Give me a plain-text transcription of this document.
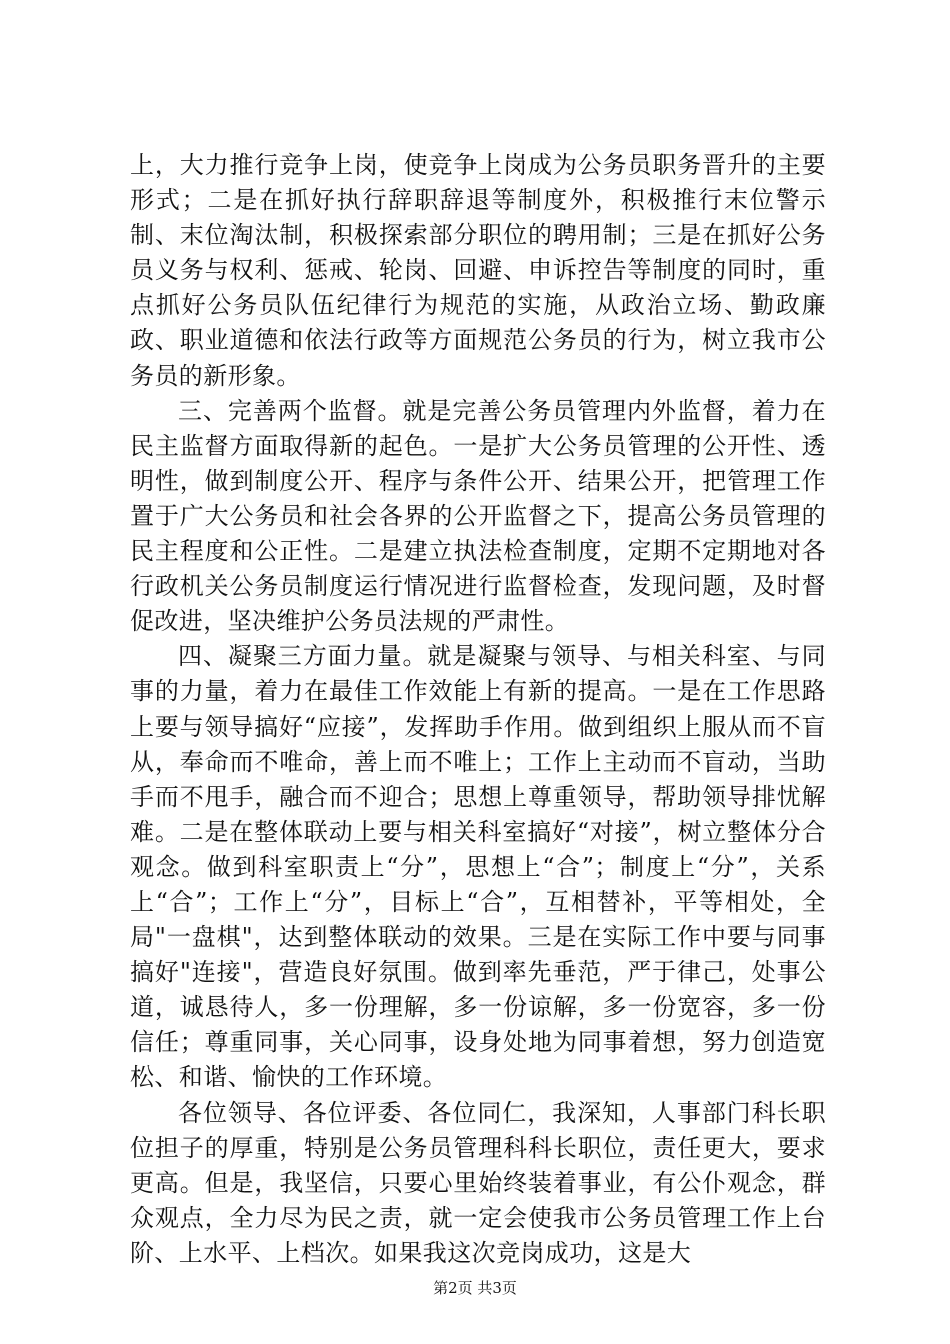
上，大力推行竞争上岗，使竞争上岗成为公务员职务晋升的主要形式；二是在抓好执行辞职辞退等制度外，积极推行末位警示制、末位淘汰制，积极探索部分职位的聘用制；三是在抓好公务员义务与权利、惩戒、轮岗、回避、申诉控告等制度的同时，重点抓好公务员队伍纪律行为规范的实施，从政治立场、勤政廉政、职业道德和依法行政等方面规范公务员的行为，树立我市公务员的新形象。

三、完善两个监督。就是完善公务员管理内外监督，着力在民主监督方面取得新的起色。一是扩大公务员管理的公开性、透明性，做到制度公开、程序与条件公开、结果公开，把管理工作置于广大公务员和社会各界的公开监督之下，提高公务员管理的民主程度和公正性。二是建立执法检查制度，定期不定期地对各行政机关公务员制度运行情况进行监督检查，发现问题，及时督促改进，坚决维护公务员法规的严肃性。

四、凝聚三方面力量。就是凝聚与领导、与相关科室、与同事的力量，着力在最佳工作效能上有新的提高。一是在工作思路上要与领导搞好“应接”，发挥助手作用。做到组织上服从而不盲从，奉命而不唯命，善上而不唯上；工作上主动而不盲动，当助手而不甩手，融合而不迎合；思想上尊重领导，帮助领导排忧解难。二是在整体联动上要与相关科室搞好“对接”，树立整体分合观念。做到科室职责上“分”，思想上“合”；制度上“分”，关系上“合”；工作上“分”，目标上“合”，互相替补，平等相处，全局"一盘棋"，达到整体联动的效果。三是在实际工作中要与同事搞好"连接"，营造良好氛围。做到率先垂范，严于律己，处事公道，诚恳待人，多一份理解，多一份谅解，多一份宽容，多一份信任；尊重同事，关心同事，设身处地为同事着想，努力创造宽松、和谐、愉快的工作环境。

各位领导、各位评委、各位同仁，我深知，人事部门科长职位担子的厚重，特别是公务员管理科科长职位，责任更大，要求更高。但是，我坚信，只要心里始终装着事业，有公仆观念，群众观点，全力尽为民之责，就一定会使我市公务员管理工作上台阶、上水平、上档次。如果我这次竞岗成功，这是大

第2页 共3页
